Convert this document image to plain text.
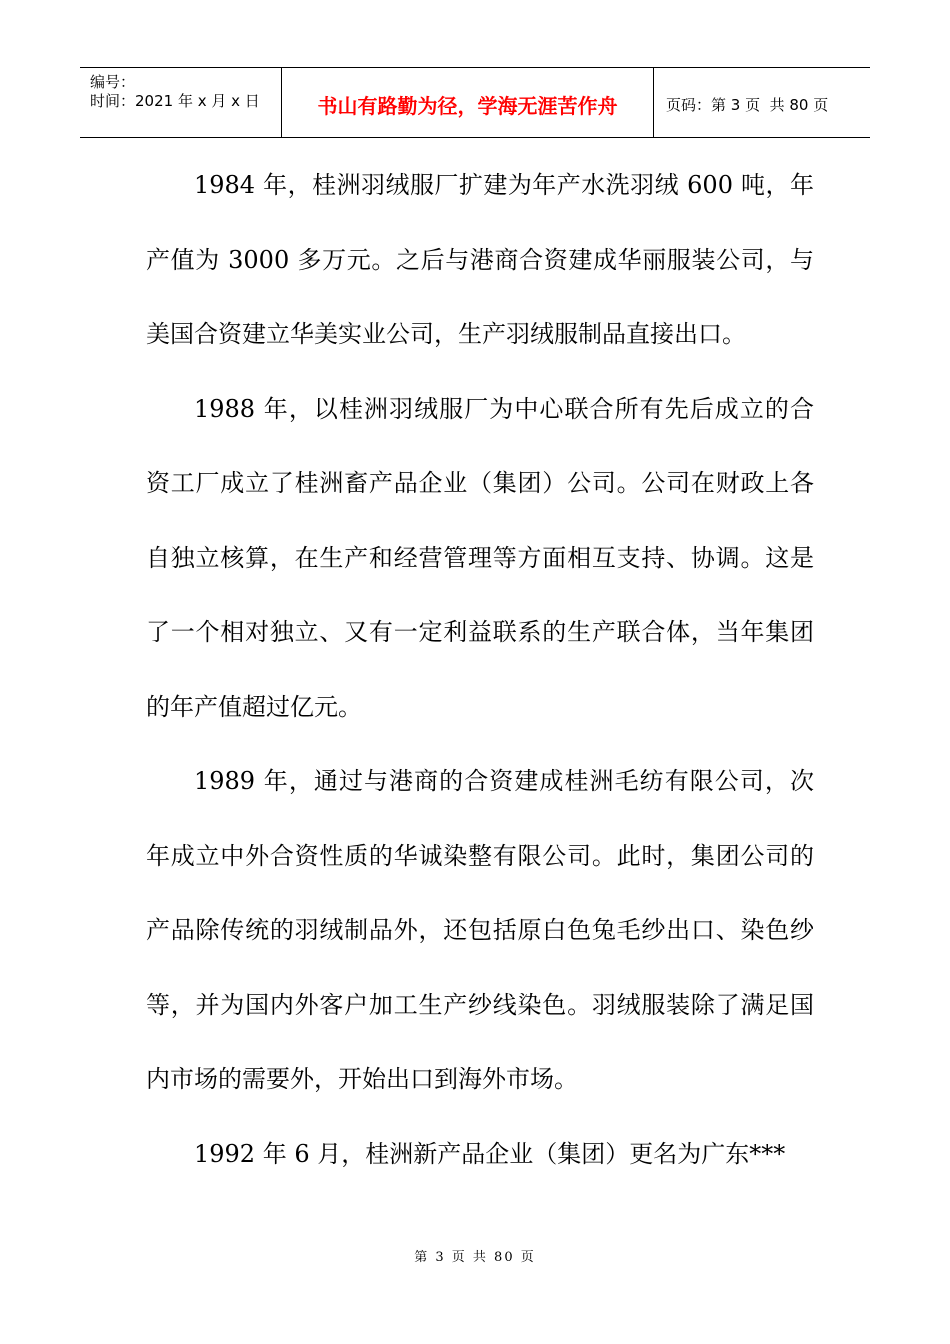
编号：
时间：2021 年 x 月 x 日	书山有路勤为径，学海无涯苦作舟	页码：第 3 页  共 80 页

1984 年，桂洲羽绒服厂扩建为年产水洗羽绒 600 吨，年产值为 3000 多万元。之后与港商合资建成华丽服装公司，与美国合资建立华美实业公司，生产羽绒服制品直接出口。

1988 年，以桂洲羽绒服厂为中心联合所有先后成立的合资工厂成立了桂洲畜产品企业（集团）公司。公司在财政上各自独立核算，在生产和经营管理等方面相互支持、协调。这是了一个相对独立、又有一定利益联系的生产联合体，当年集团的年产值超过亿元。

1989 年，通过与港商的合资建成桂洲毛纺有限公司，次年成立中外合资性质的华诚染整有限公司。此时，集团公司的产品除传统的羽绒制品外，还包括原白色兔毛纱出口、染色纱等，并为国内外客户加工生产纱线染色。羽绒服装除了满足国内市场的需要外，开始出口到海外市场。

1992 年 6 月，桂洲新产品企业（集团）更名为广东***

第 3 页 共 80 页
